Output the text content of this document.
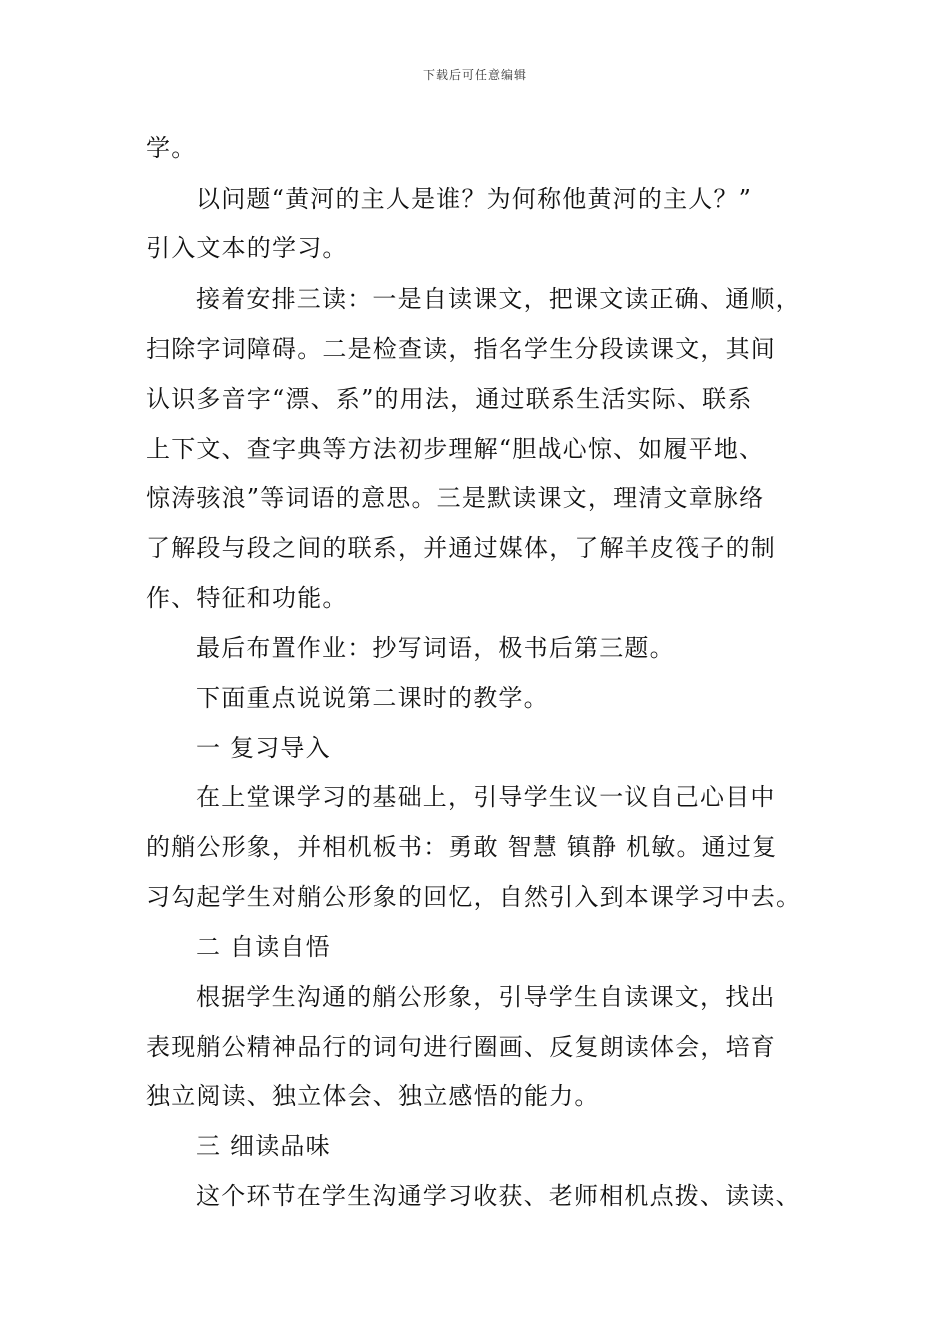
下载后可任意编辑
学。
以问题“黄河的主人是谁？为何称他黄河的主人？”
引入文本的学习。
接着安排三读：一是自读课文，把课文读正确、通顺，
扫除字词障碍。二是检查读，指名学生分段读课文，其间
认识多音字“漂、系”的用法，通过联系生活实际、联系
上下文、查字典等方法初步理解“胆战心惊、如履平地、
惊涛骇浪”等词语的意思。三是默读课文，理清文章脉络
了解段与段之间的联系，并通过媒体，了解羊皮筏子的制
作、特征和功能。
最后布置作业：抄写词语，极书后第三题。
下面重点说说第二课时的教学。
一 复习导入
在上堂课学习的基础上，引导学生议一议自己心目中
的艄公形象，并相机板书：勇敢 智慧 镇静 机敏。通过复
习勾起学生对艄公形象的回忆，自然引入到本课学习中去。
二 自读自悟
根据学生沟通的艄公形象，引导学生自读课文，找出
表现艄公精神品行的词句进行圈画、反复朗读体会，培育
独立阅读、独立体会、独立感悟的能力。
三 细读品味
这个环节在学生沟通学习收获、老师相机点拨、读读、
